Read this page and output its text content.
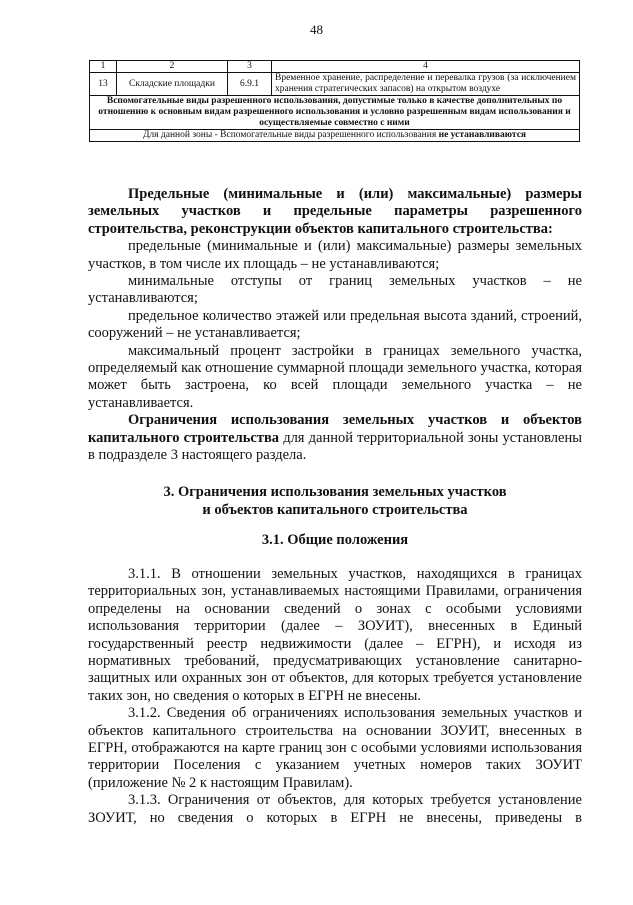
48
1	2	3	4
13	Складские площадки	6.9.1	Временное хранение, распределение и перевалка грузов (за исключением хранения стратегических запасов) на открытом воздухе
Вспомогательные виды разрешенного использования, допустимые только в качестве дополнительных по отношению к основным видам разрешенного использования и условно разрешенным видам использования и осуществляемые совместно с ними			
Для данной зоны - Вспомогательные виды разрешенного использования не устанавливаются			

Предельные (минимальные и (или) максимальные) размеры земельных участков и предельные параметры разрешенного строительства, реконструкции объектов капитального строительства:

предельные (минимальные и (или) максимальные) размеры земельных участков, в том числе их площадь – не устанавливаются;

минимальные отступы от границ земельных участков – не устанавливаются;

предельное количество этажей или предельная высота зданий, строений, сооружений – не устанавливается;

максимальный процент застройки в границах земельного участка, определяемый как отношение суммарной площади земельного участка, которая может быть застроена, ко всей площади земельного участка – не устанавливается.

Ограничения использования земельных участков и объектов капитального строительства для данной территориальной зоны установлены в подразделе 3 настоящего раздела.

3. Ограничения использования земельных участков
и объектов капитального строительства
3.1. Общие положения

3.1.1. В отношении земельных участков, находящихся в границах территориальных зон, устанавливаемых настоящими Правилами, ограничения определены на основании сведений о зонах с особыми условиями использования территории (далее – ЗОУИТ), внесенных в Единый государственный реестр недвижимости (далее – ЕГРН), и исходя из нормативных требований, предусматривающих установление санитарно-защитных или охранных зон от объектов, для которых требуется установление таких зон, но сведения о которых в ЕГРН не внесены.

3.1.2. Сведения об ограничениях использования земельных участков и объектов капитального строительства на основании ЗОУИТ, внесенных в ЕГРН, отображаются на карте границ зон с особыми условиями использования территории Поселения с указанием учетных номеров таких ЗОУИТ (приложение № 2 к настоящим Правилам).

3.1.3. Ограничения от объектов, для которых требуется установление ЗОУИТ, но сведения о которых в ЕГРН не внесены, приведены в
